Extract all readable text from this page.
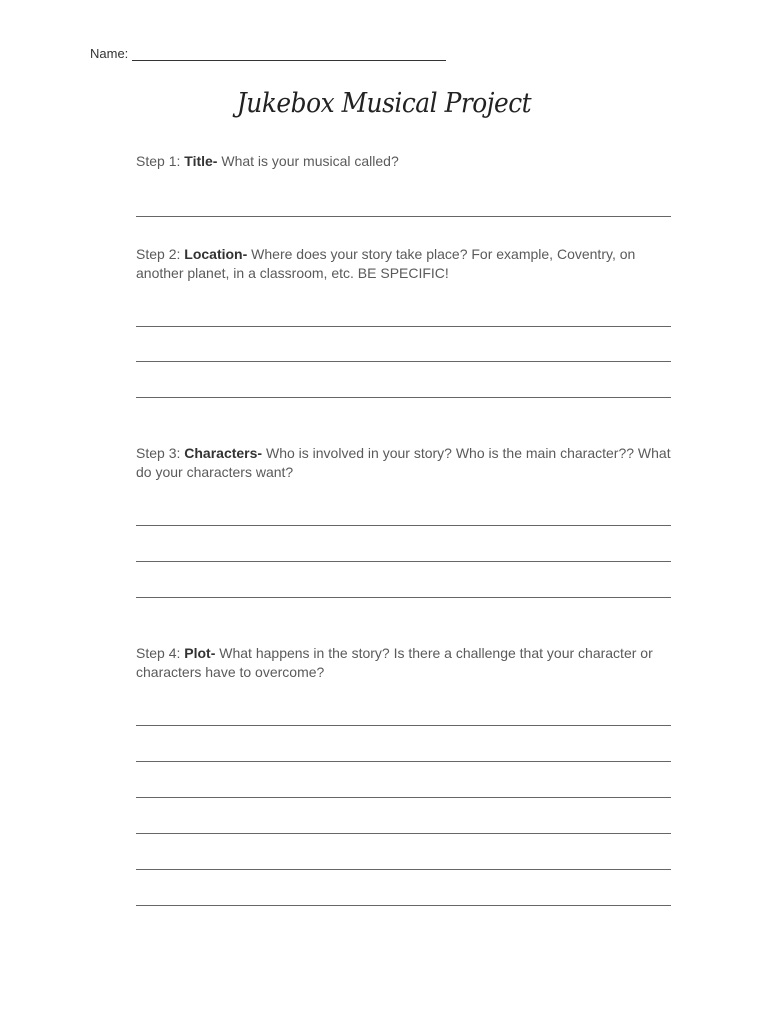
Name:
Jukebox Musical Project
Step 1: Title- What is your musical called?
Step 2: Location- Where does your story take place? For example, Coventry, on another planet, in a classroom, etc. BE SPECIFIC!
Step 3: Characters- Who is involved in your story? Who is the main character?? What do your characters want?
Step 4: Plot- What happens in the story? Is there a challenge that your character or characters have to overcome?
